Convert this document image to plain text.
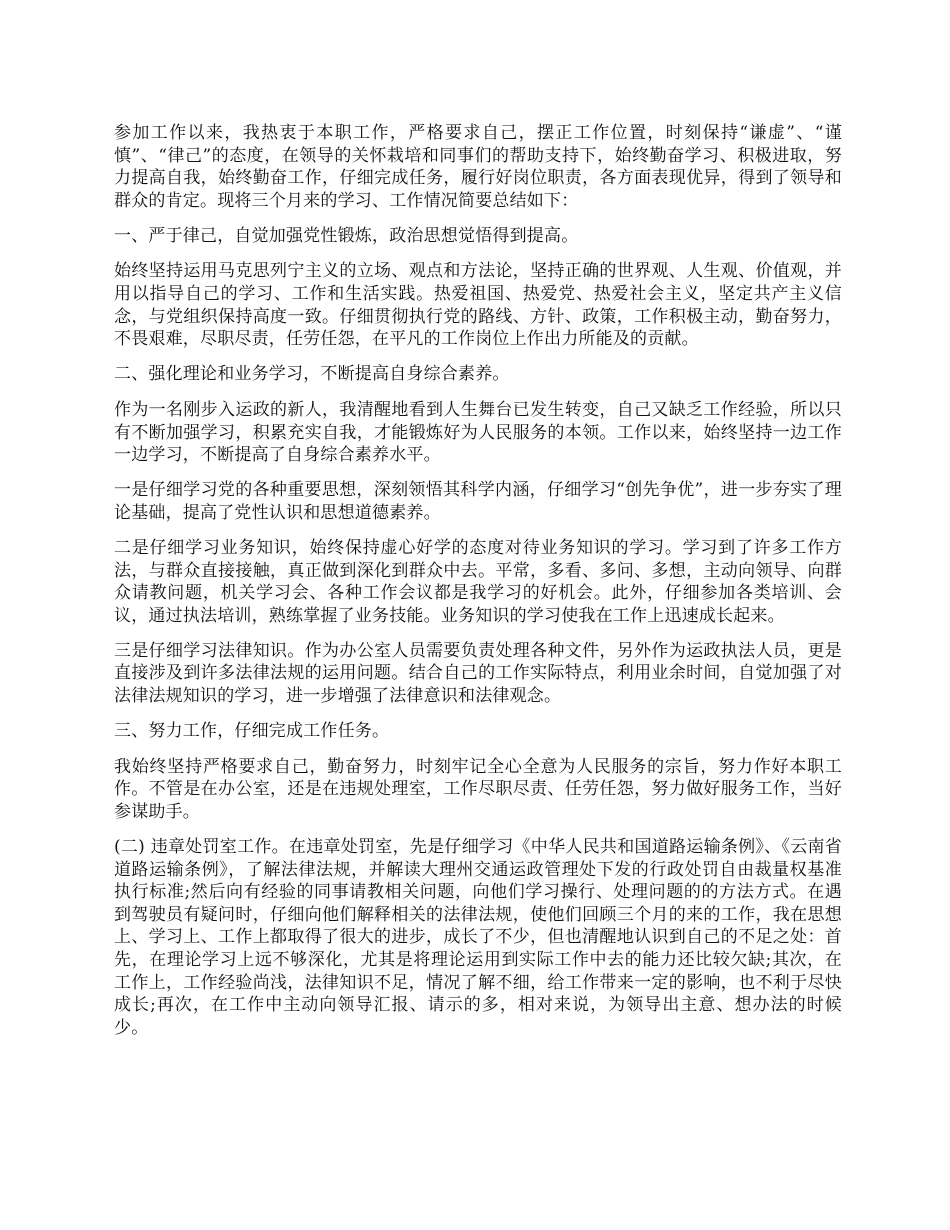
参加工作以来，我热衷于本职工作，严格要求自己，摆正工作位置，时刻保持“谦虚”、“谨慎”、“律己”的态度，在领导的关怀栽培和同事们的帮助支持下，始终勤奋学习、积极进取，努力提高自我，始终勤奋工作，仔细完成任务，履行好岗位职责，各方面表现优异，得到了领导和群众的肯定。现将三个月来的学习、工作情况简要总结如下：

一、严于律己，自觉加强党性锻炼，政治思想觉悟得到提高。

始终坚持运用马克思列宁主义的立场、观点和方法论，坚持正确的世界观、人生观、价值观，并用以指导自己的学习、工作和生活实践。热爱祖国、热爱党、热爱社会主义，坚定共产主义信念，与党组织保持高度一致。仔细贯彻执行党的路线、方针、政策，工作积极主动，勤奋努力，不畏艰难，尽职尽责，任劳任怨，在平凡的工作岗位上作出力所能及的贡献。

二、强化理论和业务学习，不断提高自身综合素养。

作为一名刚步入运政的新人，我清醒地看到人生舞台已发生转变，自己又缺乏工作经验，所以只有不断加强学习，积累充实自我，才能锻炼好为人民服务的本领。工作以来，始终坚持一边工作一边学习，不断提高了自身综合素养水平。

一是仔细学习党的各种重要思想，深刻领悟其科学内涵，仔细学习“创先争优”，进一步夯实了理论基础，提高了党性认识和思想道德素养。

二是仔细学习业务知识，始终保持虚心好学的态度对待业务知识的学习。学习到了许多工作方法，与群众直接接触，真正做到深化到群众中去。平常，多看、多问、多想，主动向领导、向群众请教问题，机关学习会、各种工作会议都是我学习的好机会。此外，仔细参加各类培训、会议，通过执法培训，熟练掌握了业务技能。业务知识的学习使我在工作上迅速成长起来。

三是仔细学习法律知识。作为办公室人员需要负责处理各种文件，另外作为运政执法人员，更是直接涉及到许多法律法规的运用问题。结合自己的工作实际特点，利用业余时间，自觉加强了对法律法规知识的学习，进一步增强了法律意识和法律观念。

三、努力工作，仔细完成工作任务。

我始终坚持严格要求自己，勤奋努力，时刻牢记全心全意为人民服务的宗旨，努力作好本职工作。不管是在办公室，还是在违规处理室，工作尽职尽责、任劳任怨，努力做好服务工作，当好参谋助手。

(二) 违章处罚室工作。在违章处罚室，先是仔细学习《中华人民共和国道路运输条例》、《云南省道路运输条例》，了解法律法规，并解读大理州交通运政管理处下发的行政处罚自由裁量权基准执行标准;然后向有经验的同事请教相关问题，向他们学习操行、处理问题的的方法方式。在遇到驾驶员有疑问时，仔细向他们解释相关的法律法规，使他们回顾三个月的来的工作，我在思想上、学习上、工作上都取得了很大的进步，成长了不少，但也清醒地认识到自己的不足之处：首先，在理论学习上远不够深化，尤其是将理论运用到实际工作中去的能力还比较欠缺;其次，在工作上，工作经验尚浅，法律知识不足，情况了解不细，给工作带来一定的影响，也不利于尽快成长;再次，在工作中主动向领导汇报、请示的多，相对来说，为领导出主意、想办法的时候少。
